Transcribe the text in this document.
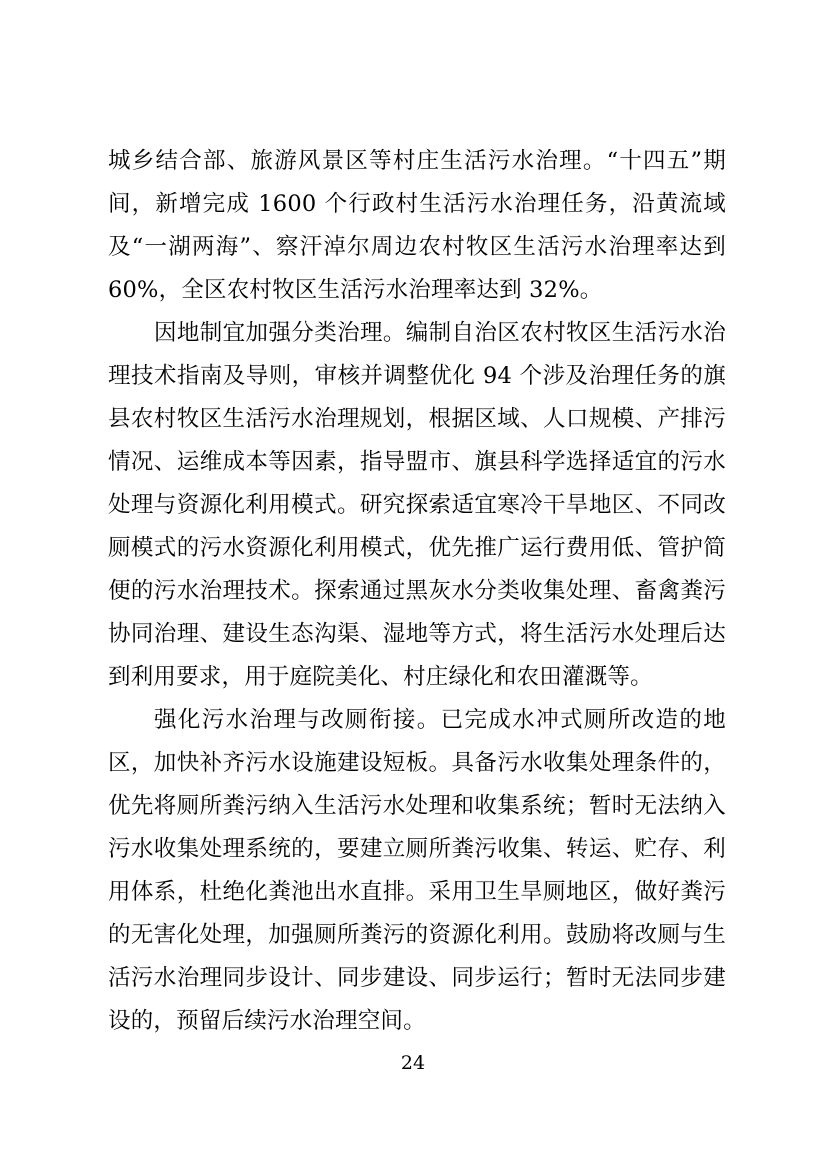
城乡结合部、旅游风景区等村庄生活污水治理。“十四五”期间，新增完成 1600 个行政村生活污水治理任务，沿黄流域及“一湖两海”、察汗淖尔周边农村牧区生活污水治理率达到 60%，全区农村牧区生活污水治理率达到 32%。

因地制宜加强分类治理。编制自治区农村牧区生活污水治理技术指南及导则，审核并调整优化 94 个涉及治理任务的旗县农村牧区生活污水治理规划，根据区域、人口规模、产排污情况、运维成本等因素，指导盟市、旗县科学选择适宜的污水处理与资源化利用模式。研究探索适宜寒冷干旱地区、不同改厕模式的污水资源化利用模式，优先推广运行费用低、管护简便的污水治理技术。探索通过黑灰水分类收集处理、畜禽粪污协同治理、建设生态沟渠、湿地等方式，将生活污水处理后达到利用要求，用于庭院美化、村庄绿化和农田灌溉等。

强化污水治理与改厕衔接。已完成水冲式厕所改造的地区，加快补齐污水设施建设短板。具备污水收集处理条件的，优先将厕所粪污纳入生活污水处理和收集系统；暂时无法纳入污水收集处理系统的，要建立厕所粪污收集、转运、贮存、利用体系，杜绝化粪池出水直排。采用卫生旱厕地区，做好粪污的无害化处理，加强厕所粪污的资源化利用。鼓励将改厕与生活污水治理同步设计、同步建设、同步运行；暂时无法同步建设的，预留后续污水治理空间。

24
